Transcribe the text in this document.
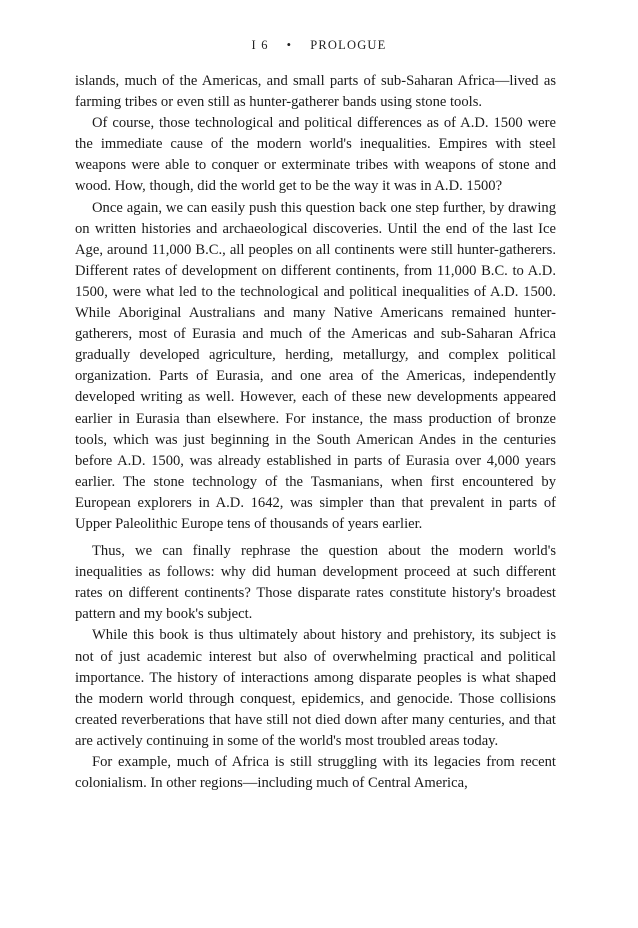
I 6 • PROLOGUE

islands, much of the Americas, and small parts of sub-Saharan Africa—lived as farming tribes or even still as hunter-gatherer bands using stone tools.

Of course, those technological and political differences as of A.D. 1500 were the immediate cause of the modern world's inequalities. Empires with steel weapons were able to conquer or exterminate tribes with weapons of stone and wood. How, though, did the world get to be the way it was in A.D. 1500?

Once again, we can easily push this question back one step further, by drawing on written histories and archaeological discoveries. Until the end of the last Ice Age, around 11,000 B.C., all peoples on all continents were still hunter-gatherers. Different rates of development on different continents, from 11,000 B.C. to A.D. 1500, were what led to the technological and political inequalities of A.D. 1500. While Aboriginal Australians and many Native Americans remained hunter-gatherers, most of Eurasia and much of the Americas and sub-Saharan Africa gradually developed agriculture, herding, metallurgy, and complex political organization. Parts of Eurasia, and one area of the Americas, independently developed writing as well. However, each of these new developments appeared earlier in Eurasia than elsewhere. For instance, the mass production of bronze tools, which was just beginning in the South American Andes in the centuries before A.D. 1500, was already established in parts of Eurasia over 4,000 years earlier. The stone technology of the Tasmanians, when first encountered by European explorers in A.D. 1642, was simpler than that prevalent in parts of Upper Paleolithic Europe tens of thousands of years earlier.

Thus, we can finally rephrase the question about the modern world's inequalities as follows: why did human development proceed at such different rates on different continents? Those disparate rates constitute history's broadest pattern and my book's subject.

While this book is thus ultimately about history and prehistory, its subject is not of just academic interest but also of overwhelming practical and political importance. The history of interactions among disparate peoples is what shaped the modern world through conquest, epidemics, and genocide. Those collisions created reverberations that have still not died down after many centuries, and that are actively continuing in some of the world's most troubled areas today.

For example, much of Africa is still struggling with its legacies from recent colonialism. In other regions—including much of Central America,
